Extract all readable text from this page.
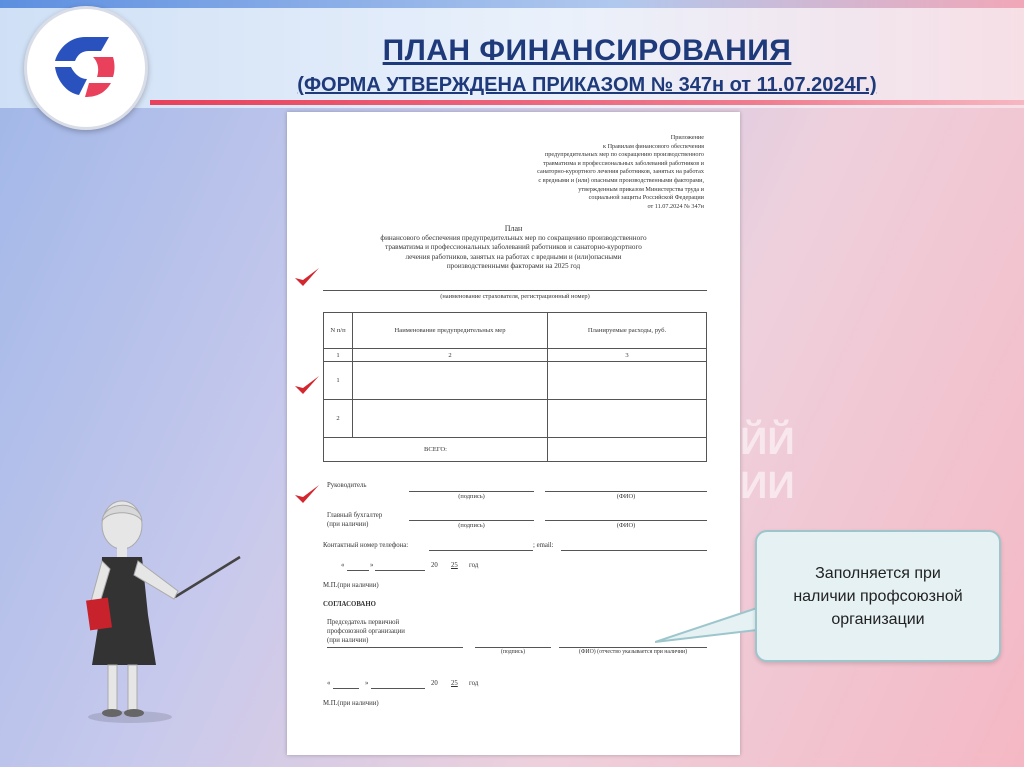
ПЛАН ФИНАНСИРОВАНИЯ
(ФОРМА УТВЕРЖДЕНА ПРИКАЗОМ № 347н от 11.07.2024Г.)
ЙЙ
ИИ
Приложение
к Правилам финансового обеспечения
предупредительных мер по сокращению производственного
травматизма и профессиональных заболеваний работников и
санаторно-курортного лечения работников, занятых на работах
с вредными и (или) опасными производственными факторами,
утвержденным приказом Министерства труда и
социальной защиты Российской Федерации
от 11.07.2024 № 347н
План
финансового обеспечения предупредительных мер по сокращению производственного
травматизма и профессиональных заболеваний работников и санаторно-курортного
лечения работников, занятых на работах с вредными и (или)опасными
производственными факторами на 2025 год
(наименование страхователя, регистрационный номер)
N п/п	Наименование предупредительных мер	Планируемые расходы, руб.
1	2	3
1		
2		
ВСЕГО:		
Руководитель
(подпись)	(ФИО)
Главный бухгалтер
(при наличии)	(подпись)	(ФИО)
Контактный номер телефона:	; email:
«	»	20 25 год
М.П.(при наличии)
СОГЛАСОВАНО
Председатель первичной
профсоюзной организации
(при наличии)
(подпись)	(ФИО) (отчество указывается при наличии)
«	»	20 25 год
М.П.(при наличии)
Заполняется при наличии профсоюзной организации
